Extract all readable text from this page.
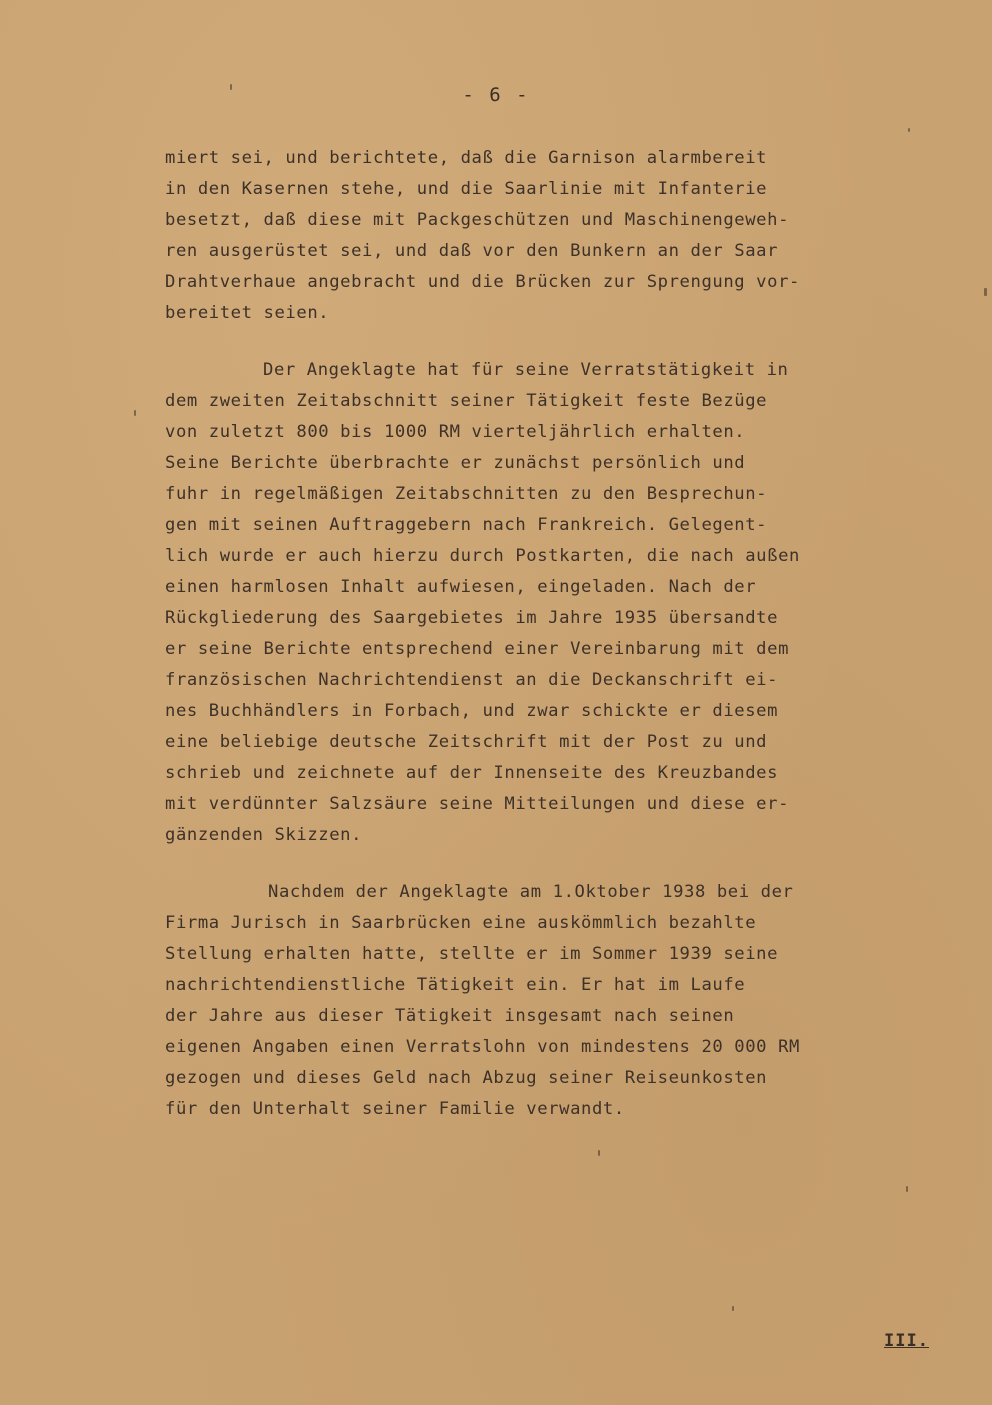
- 6 -
miert sei, und berichtete, daß die Garnison alarmbereit
in den Kasernen stehe, und die Saarlinie mit Infanterie
besetzt, daß diese mit Packgeschützen und Maschinengeweh-
ren ausgerüstet sei, und daß vor den Bunkern an der Saar
Drahtverhaue angebracht und die Brücken zur Sprengung vor-
bereitet seien.
Der Angeklagte hat für seine Verratstätigkeit in
dem zweiten Zeitabschnitt seiner Tätigkeit feste Bezüge
von zuletzt 800 bis 1000 RM vierteljährlich erhalten.
Seine Berichte überbrachte er zunächst persönlich und
fuhr in regelmäßigen Zeitabschnitten zu den Besprechun-
gen mit seinen Auftraggebern nach Frankreich. Gelegent-
lich wurde er auch hierzu durch Postkarten, die nach außen
einen harmlosen Inhalt aufwiesen, eingeladen. Nach der
Rückgliederung des Saargebietes im Jahre 1935 übersandte
er seine Berichte entsprechend einer Vereinbarung mit dem
französischen Nachrichtendienst an die Deckanschrift ei-
nes Buchhändlers in Forbach, und zwar schickte er diesem
eine beliebige deutsche Zeitschrift mit der Post zu und
schrieb und zeichnete auf der Innenseite des Kreuzbandes
mit verdünnter Salzsäure seine Mitteilungen und diese er-
gänzenden Skizzen.
Nachdem der Angeklagte am 1.Oktober 1938 bei der
Firma Jurisch in Saarbrücken eine auskömmlich bezahlte
Stellung erhalten hatte, stellte er im Sommer 1939 seine
nachrichtendienstliche Tätigkeit ein. Er hat im Laufe
der Jahre aus dieser Tätigkeit insgesamt nach seinen
eigenen Angaben einen Verratslohn von mindestens 20 000 RM
gezogen und dieses Geld nach Abzug seiner Reiseunkosten
für den Unterhalt seiner Familie verwandt.
III.
